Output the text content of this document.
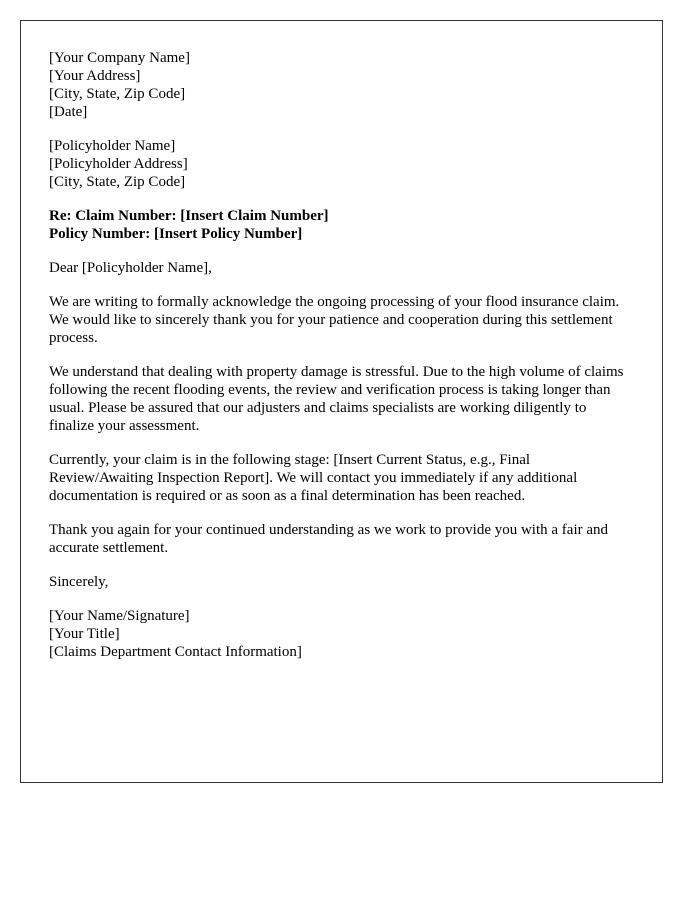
[Your Company Name]
[Your Address]
[City, State, Zip Code]
[Date]

[Policyholder Name]
[Policyholder Address]
[City, State, Zip Code]

Re: Claim Number: [Insert Claim Number]
Policy Number: [Insert Policy Number]

Dear [Policyholder Name],

We are writing to formally acknowledge the ongoing processing of your flood insurance claim. We would like to sincerely thank you for your patience and cooperation during this settlement process.

We understand that dealing with property damage is stressful. Due to the high volume of claims following the recent flooding events, the review and verification process is taking longer than usual. Please be assured that our adjusters and claims specialists are working diligently to finalize your assessment.

Currently, your claim is in the following stage: [Insert Current Status, e.g., Final Review/Awaiting Inspection Report]. We will contact you immediately if any additional documentation is required or as soon as a final determination has been reached.

Thank you again for your continued understanding as we work to provide you with a fair and accurate settlement.

Sincerely,

[Your Name/Signature]
[Your Title]
[Claims Department Contact Information]
